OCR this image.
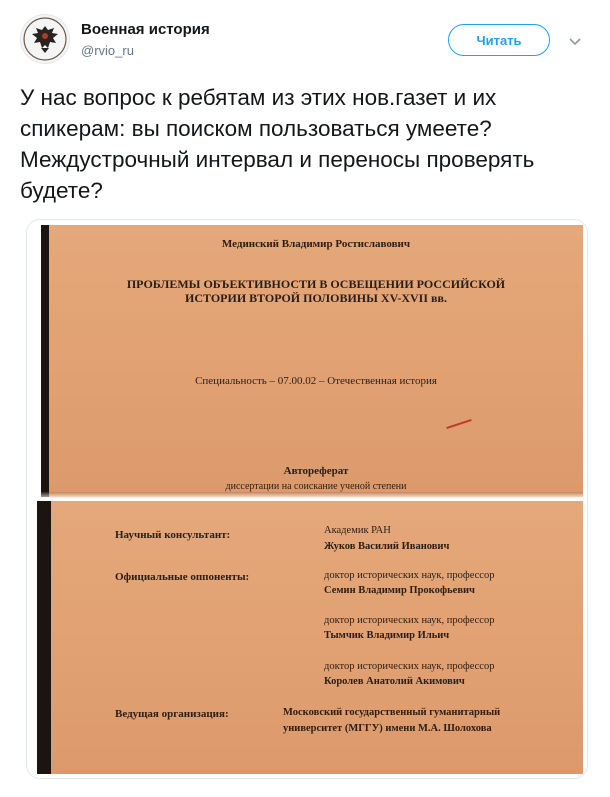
Военная история
@rvio_ru
Читать

У нас вопрос к ребятам из этих нов.газет и их спикерам: вы поиском пользоваться умеете? Междустрочный интервал и переносы проверять будете?

Мединский Владимир Ростиславович
ПРОБЛЕМЫ ОБЪЕКТИВНОСТИ В ОСВЕЩЕНИИ РОССИЙСКОЙ
ИСТОРИИ ВТОРОЙ ПОЛОВИНЫ XV-XVII вв.
Специальность – 07.00.02 – Отечественная история
Автореферат
диссертации на соискание ученой степени
Научный консультант:	Академик РАН
Жуков Василий Иванович
Официальные оппоненты:	доктор исторических наук, профессор
Семин Владимир Прокофьевич
доктор исторических наук, профессор
Тымчик Владимир Ильич
доктор исторических наук, профессор
Королев Анатолий Акимович
Ведущая организация:	Московский государственный гуманитарный
университет (МГГУ) имени М.А. Шолохова
